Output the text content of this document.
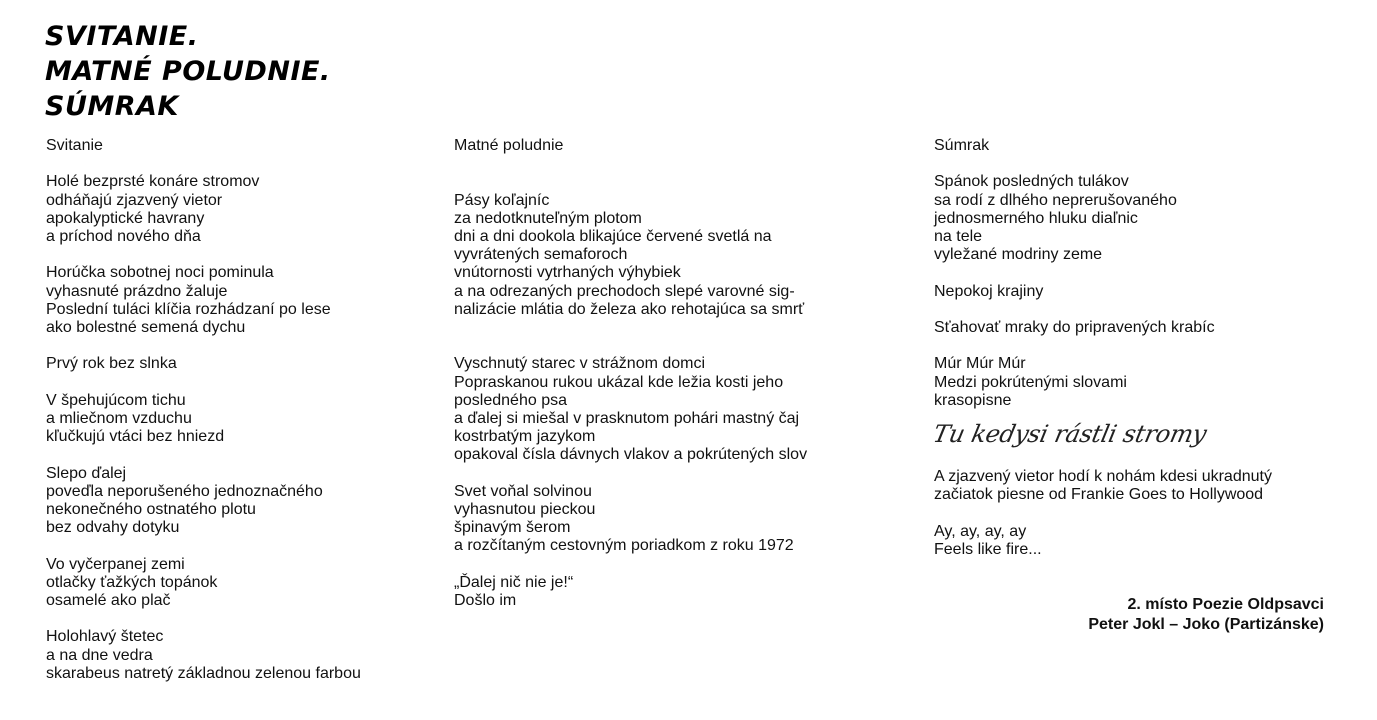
SVITANIE.
MATNÉ POLUDNIE.
SÚMRAK
Svitanie
Holé bezprsté konáre stromov
odháňajú zjazvený vietor
apokalyptické havrany
a príchod nového dňa
Horúčka sobotnej noci pominula
vyhasnuté prázdno žaluje
Poslední tuláci klíčia rozhádzaní po lese
ako bolestné semená dychu
Prvý rok bez slnka
V špehujúcom tichu
a mliečnom vzduchu
kľučkujú vtáci bez hniezd
Slepo ďalej
poveďla neporušeného jednoznačného
nekonečného ostnatého plotu
bez odvahy dotyku
Vo vyčerpanej zemi
otlačky ťažkých topánok
osamelé ako plač
Holohlavý štetec
a na dne vedra
skarabeus natretý základnou zelenou farbou
Matné poludnie
Pásy koľajníc
za nedotknuteľným plotom
dni a dni dookola blikajúce červené svetlá na
vyvrátených semaforoch
vnútornosti vytrhaných výhybiek
a na odrezaných prechodoch slepé varovné sig-
nalizácie mlátia do železa ako rehotajúca sa smrť
Vyschnutý starec v strážnom domci
Popraskanou rukou ukázal kde ležia kosti jeho
posledného psa
a ďalej si miešal v prasknutom pohári mastný čaj
kostrbatým jazykom
opakoval čísla dávnych vlakov a pokrútených slov
Svet voňal solvinou
vyhasnutou pieckou
špinavým šerom
a rozčítaným cestovným poriadkom z roku 1972
„Ďalej nič nie je!“
Došlo im
Súmrak
Spánok posledných tulákov
sa rodí z dlhého neprerušovaného
jednosmerného hluku diaľnic
na tele
vyležané modriny zeme
Nepokoj krajiny
Sťahovať mraky do pripravených krabíc
Múr Múr Múr
Medzi pokrútenými slovami
krasopisne
Tu kedysi rástli stromy
A zjazvený vietor hodí k nohám kdesi ukradnutý
začiatok piesne od Frankie Goes to Hollywood
Ay, ay, ay, ay
Feels like fire...
2. místo Poezie Oldpsavci
Peter Jokl – Joko (Partizánske)
